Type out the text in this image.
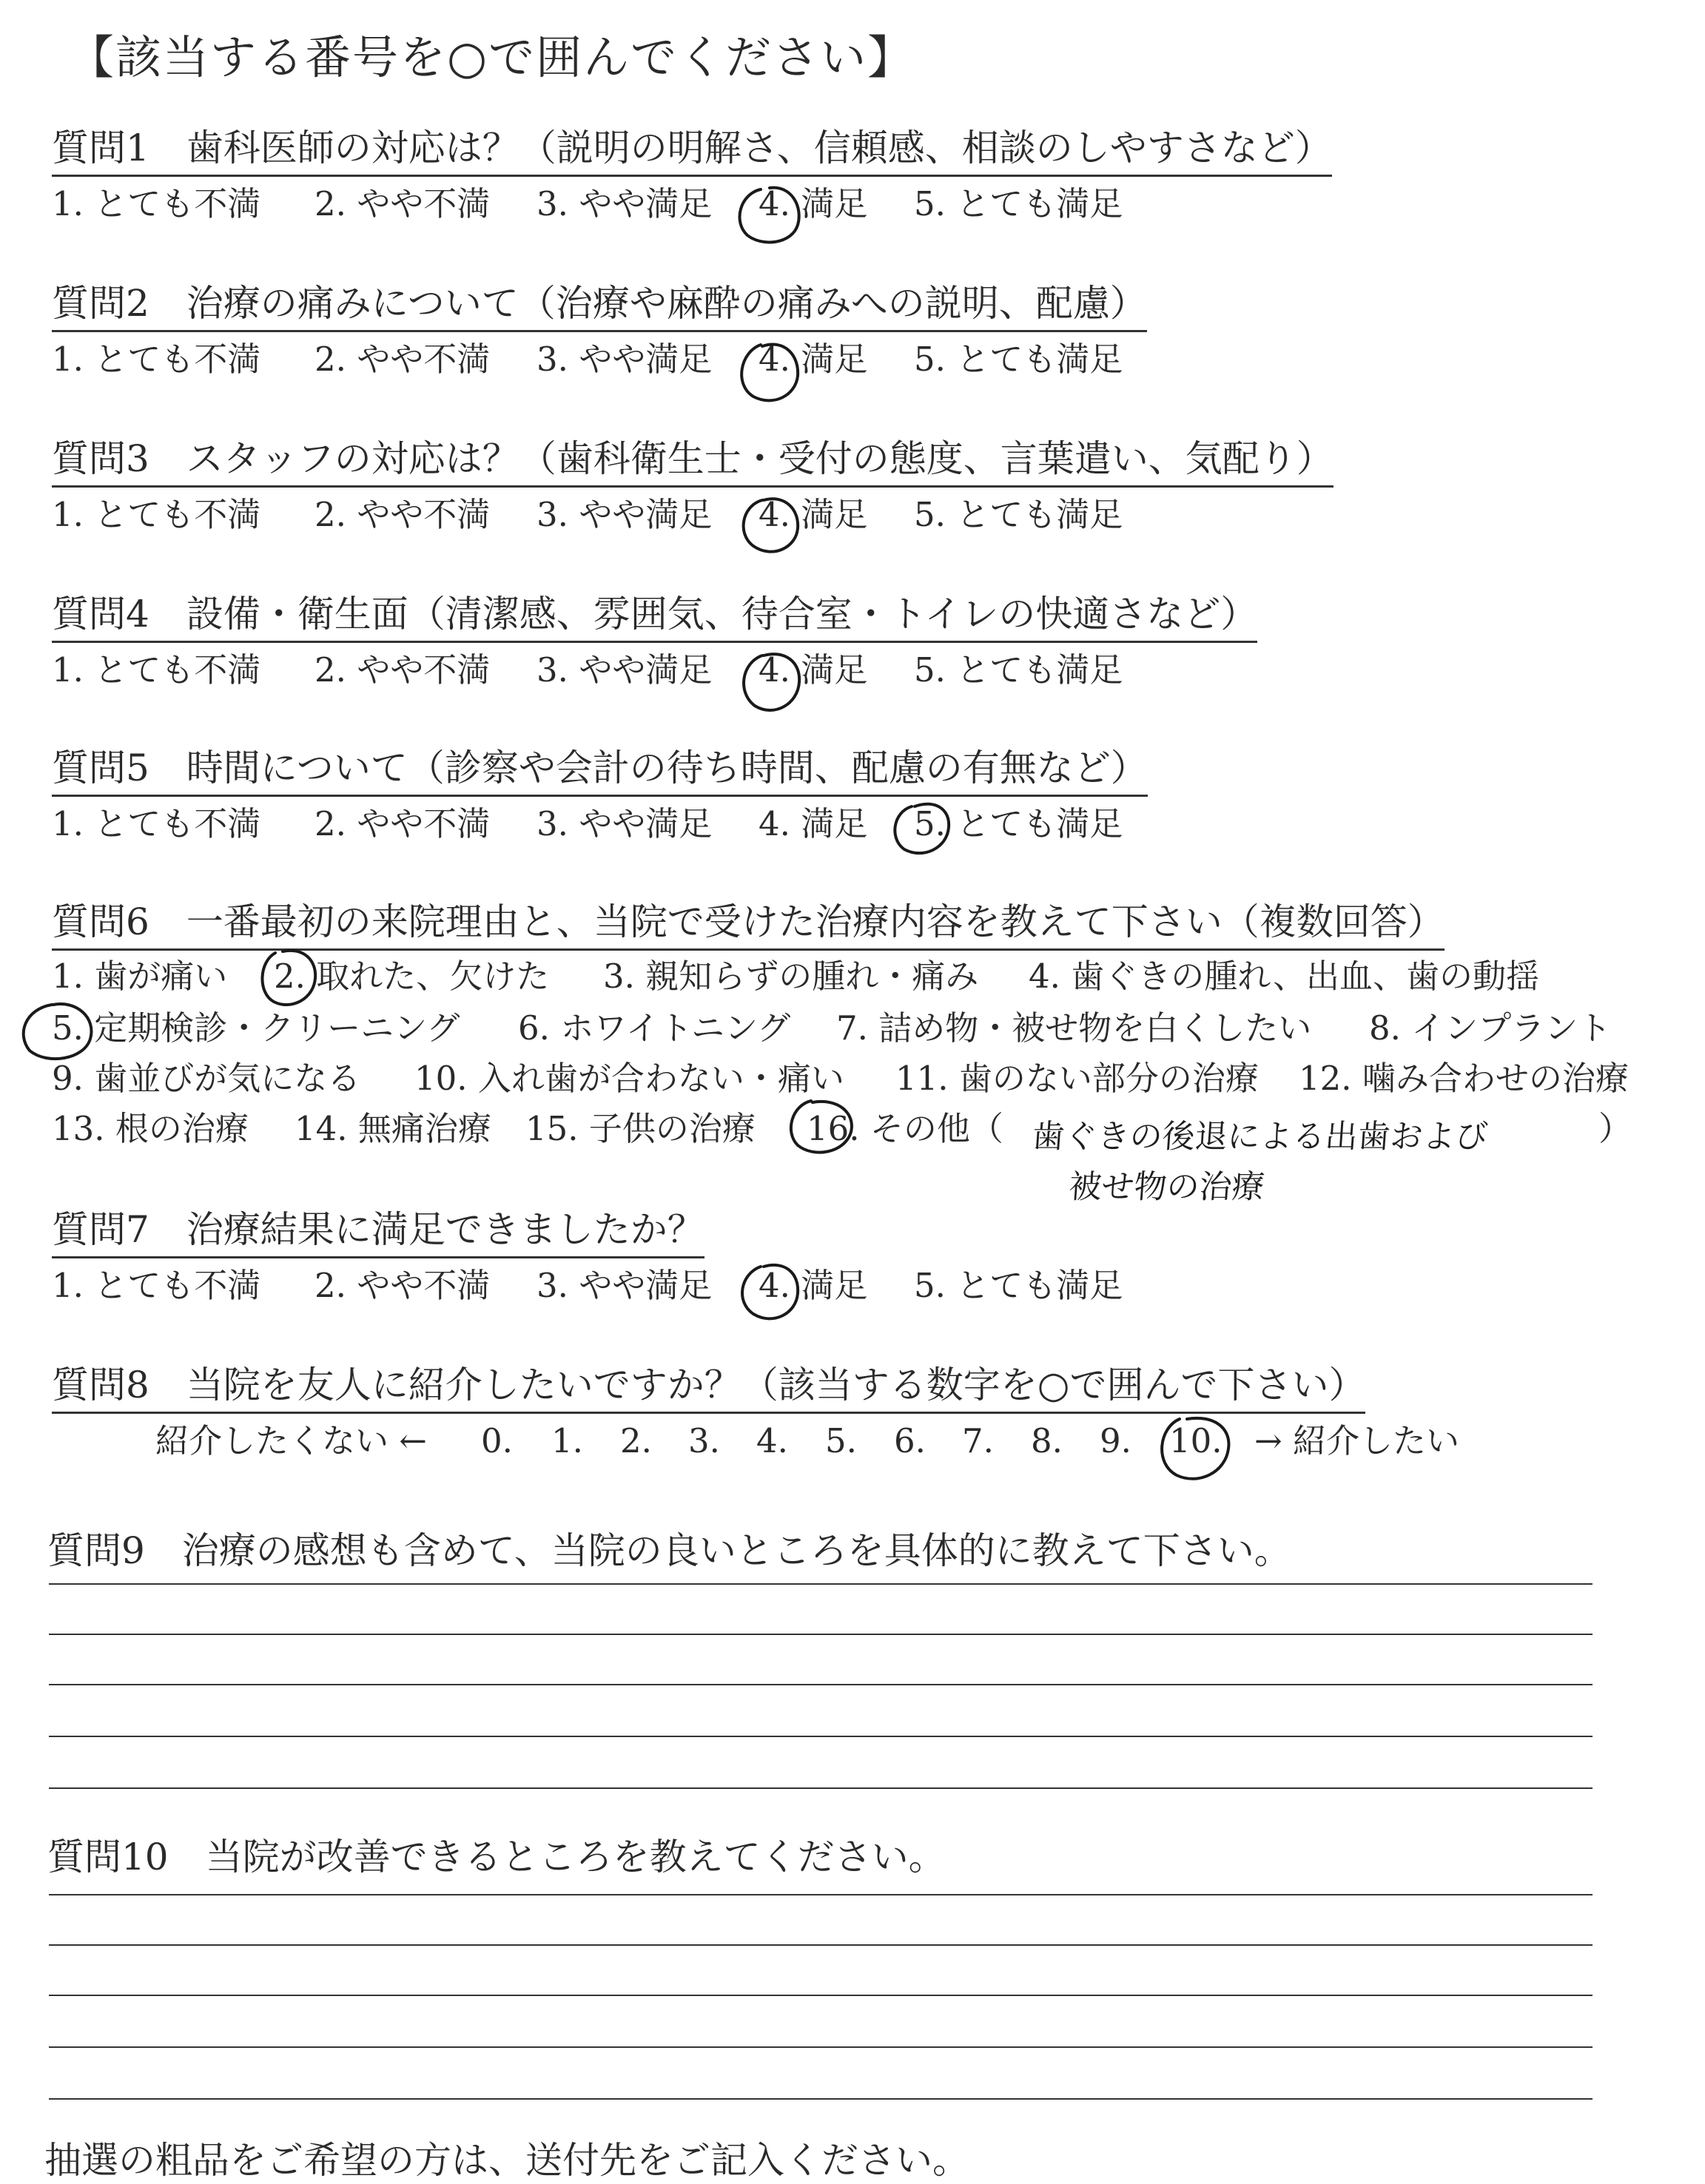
【該当する番号を○で囲んでください】
質問1　歯科医師の対応は？（説明の明解さ、信頼感、相談のしやすさなど）
1. とても不満 2. やや不満 3. やや満足 4. 満足 5. とても満足
質問2　治療の痛みについて（治療や麻酔の痛みへの説明、配慮）
1. とても不満 2. やや不満 3. やや満足 4. 満足 5. とても満足
質問3　スタッフの対応は？（歯科衛生士・受付の態度、言葉遣い、気配り）
1. とても不満 2. やや不満 3. やや満足 4. 満足 5. とても満足
質問4　設備・衛生面（清潔感、雰囲気、待合室・トイレの快適さなど）
1. とても不満 2. やや不満 3. やや満足 4. 満足 5. とても満足
質問5　時間について（診察や会計の待ち時間、配慮の有無など）
1. とても不満 2. やや不満 3. やや満足 4. 満足 5. とても満足
質問6　一番最初の来院理由と、当院で受けた治療内容を教えて下さい（複数回答）
1. 歯が痛い 2. 取れた、欠けた 3. 親知らずの腫れ・痛み 4. 歯ぐきの腫れ、出血、歯の動揺
5. 定期検診・クリーニング 6. ホワイトニング 7. 詰め物・被せ物を白くしたい 8. インプラント
9. 歯並びが気になる 10. 入れ歯が合わない・痛い 11. 歯のない部分の治療 12. 噛み合わせの治療
13. 根の治療 14. 無痛治療 15. 子供の治療 16. その他（	）
歯ぐきの後退による出歯および
被せ物の治療
質問7　治療結果に満足できましたか？
1. とても不満 2. やや不満 3. やや満足 4. 満足 5. とても満足
質問8　当院を友人に紹介したいですか？（該当する数字を○で囲んで下さい）
紹介したくない ← 0. 1. 2. 3. 4. 5. 6. 7. 8. 9. 10. → 紹介したい
質問9　治療の感想も含めて、当院の良いところを具体的に教えて下さい。
質問10　当院が改善できるところを教えてください。
抽選の粗品をご希望の方は、送付先をご記入ください。
